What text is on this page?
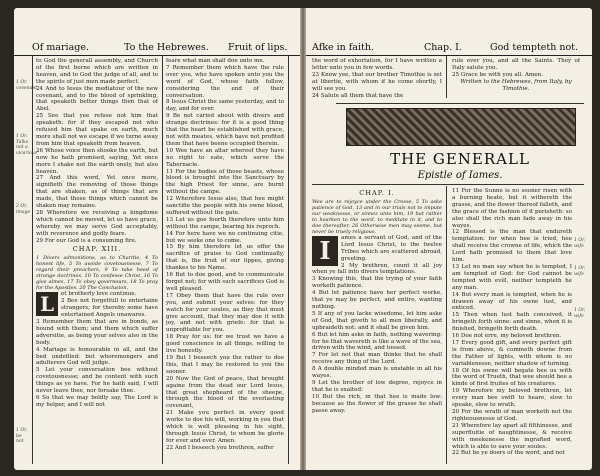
Of mariage.	To the Hebrewes. Fruit of lips.
1 Or, covenant
1 Or, Talke not a vicarious
2 Or, image
1 Or, be not

to God the generall assembly, and Church of the first borne which are written in heaven, and to God the judge of all, and to the spirits of just men made perfect.

24 And to Iesus the mediatour of the new covenant, and to the blood of sprinkling, that speaketh better things then that of Abel.

25 See that yee refuse not him that speaketh: for if they escaped not who refused him that spake on earth, much more shall not we escape if we turne away from him that speaketh from heaven.

26 Whose voice then shooke the earth, but now he hath promised, saying, Yet once more I shake not the earth onely, but also heaven.

27 And this word, Yet once more, signifieth the removing of those things that are shaken, as of things that are made, that those things which cannot be shaken may remaine.

28 Wherefore we receiving a kingdome which cannot be moved, let us have grace, whereby we may serve God acceptably, with reverence and godly feare.

29 For our God is a consuming fire.

CHAP. XIII.

1 Divers admonitions, as to Charitie, 4 To honest life, 5 To avoide covetousnesse, 7 To regard their preachers, 9 To take heed of strange doctrines, 10 To confesse Christ, 16 To give almes, 17 To obey governours, 18 To pray for the Apostles. 20 The Conclusion.

L	et brotherly love continue.

2 Bee not forgetfull to entertaine strangers; for thereby some have entertained Angels unawares.

3 Remember them that are in bonds, as bound with them; and them which suffer adversitie, as being your selves also in the body.

4 Mariage is honourable in all, and the bed undefiled: but whoremongers and adulterers God will judge.

5 Let your conversation bee without covetousnesse; and be content with such things as ye have. For he hath said, I will never leave thee, nor forsake thee.

6 So that we may boldly say, The Lord is my helper, and I will not

feare what man shall doe unto me.

7 Remember them which have the rule over you, who have spoken unto you the word of God, whose faith follow, considering the end of their conversation.

8 Iesus Christ the same yesterday, and to day, and for ever.

9 Be not caried about with divers and strange doctrines: for it is a good thing that the heart be established with grace, not with meates, which have not profited them that have beene occupied therein.

10 Wee have an altar whereof they have no right to eate, which serve the Tabernacle.

11 For the bodies of those beasts, whose blood is brought into the Sanctuary by the high Priest for sinne, are burnt without the campe.

12 Wherefore Iesus also, that hee might sanctifie the people with his owne blood, suffered without the gate.

13 Let us goe foorth therefore unto him without the campe, bearing his reproch.

14 For here have we no continuing citie, but we seeke one to come.

15 By him therefore let us offer the sacrifice of praise to God continually, that is, the fruit of our lippes, giving thankes to his Name.

16 But to doe good, and to communicate forget not; for with such sacrifices God is well pleased.

17 Obey them that have the rule over you, and submit your selves: for they watch for your soules, as they that must give account, that they may doe it with joy, and not with griefe: for that is unprofitable for you.

18 Pray for us: for we trust we have a good conscience in all things, willing to live honestly.

19 But I beseech you the rather to doe this, that I may be restored to you the sooner.

20 Now the God of peace, that brought againe from the dead our Lord Iesus, that great shepheard of the sheepe, through the blood of the everlasting covenant,

21 Make you perfect in every good worke to doe his will, working in you that which is well pleasing in his sight, through Iesus Christ, to whom be glorie for ever and ever. Amen.

22 And I beseech you brethren, suffer

Afke in faith.	Chap. I.	God tempteth not.

the word of exhortation, for I have written a letter unto you in few words.

23 Know yee, that our brother Timothie is set at libertie, with whom if he come shortly, I will see you.

24 Salute all them that have the

rule over you, and all the Saints. They of Italy salute you.

25 Grace be with you all. Amen.

Written to the Hebrewes, from Italy, by Timothie.

THE GENERALL
Epistle of Iames.
CHAP. I.

Wee are to rejoyce under the Crosse, 5 To aske patience of God, 13 and in our trials not to impute our weaknesse, or sinnes unto him, 19 but rather to hearken to the word, to meditate in it, and to doe thereafter. 26 Otherwise men may seeme, but never be truely religious.

I	ames a servant of God, and of the Lord Iesus Christ, to the twelve Tribes which are scattered abroad, greeting.

2 My brethren, count it all joy when ye fall into divers temptations.

3 Knowing this, that the trying of your faith worketh patience.

4 But let patience have her perfect worke, that ye may be perfect, and entire, wanting nothing.

5 If any of you lacke wisedome, let him aske of God, that giveth to all men liberally, and upbraideth not: and it shall be given him.

6 But let him aske in faith, nothing wavering: for he that wavereth is like a wave of the sea, driven with the wind, and tossed.

7 For let not that man thinke that he shall receive any thing of the Lord.

8 A double minded man is unstable in all his wayes.

9 Let the brother of low degree, rejoyce in that he is exalted:

10 But the rich, in that hee is made low: because as the flower of the grasse he shall passe away.

11 For the Sunne is no sooner risen with a burning heate, but it withereth the grasse, and the flower thereof falleth, and the grace of the fashion of it perisheth: so also shall the rich man fade away in his wayes.

12 Blessed is the man that endureth temptation: for when hee is tried, hee shall receive the crowne of life, which the Lord hath promised to them that love him.

13 Let no man say when he is tempted, I am tempted of God: for God cannot be tempted with evill, neither tempteth he any man.

14 But every man is tempted, when he is drawen away of his owne lust, and enticed.

15 Then when lust hath conceived, it bringeth forth sinne: and sinne, when it is finished, bringeth forth death.

16 Doe not erre, my beloved brethren.

17 Every good gift, and every perfect gift is from above, & commeth downe from the Father of lights, with whom is no variablenesse, neither shadow of turning.

18 Of his owne will begate hee us with the word of Trueth, that wee should bee a kinde of first fruites of his creatures.

19 Wherefore my beloved brethren, let every man bee swift to heare, slow to speake, slow to wrath.

20 For the wrath of man worketh not the righteousnesse of God.

21 Wherefore lay apart all filthinesse, and superfluitie of naughtinesse, & receive with meekenesse the ingrafted word, which is able to save your soules.

22 But be ye doers of the word, and not

1 Or, wife
1 Or, wife
1 Or, wife
